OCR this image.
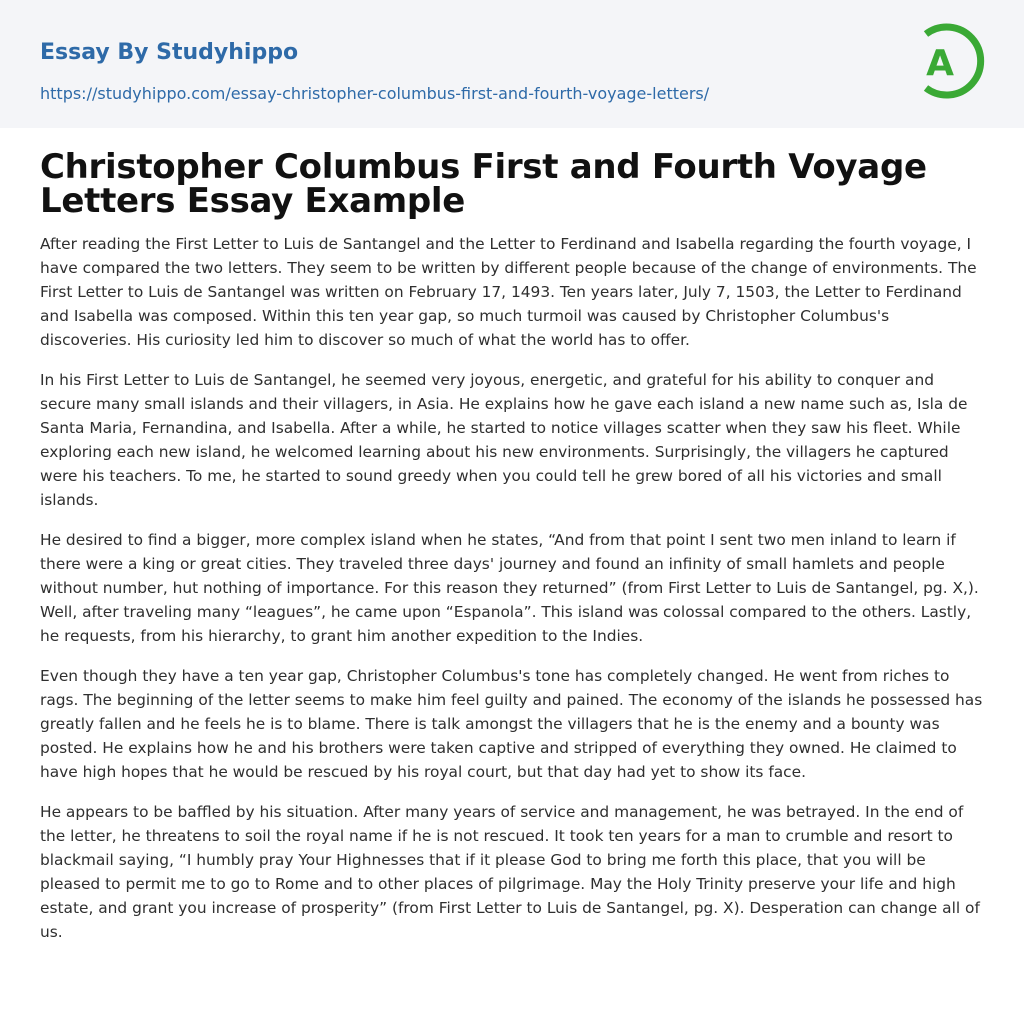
Essay By Studyhippo
https://studyhippo.com/essay-christopher-columbus-first-and-fourth-voyage-letters/
A
Christopher Columbus First and Fourth Voyage Letters Essay Example

After reading the First Letter to Luis de Santangel and the Letter to Ferdinand and Isabella regarding the fourth voyage, I have compared the two letters. They seem to be written by different people because of the change of environments. The First Letter to Luis de Santangel was written on February 17, 1493. Ten years later, July 7, 1503, the Letter to Ferdinand and Isabella was composed. Within this ten year gap, so much turmoil was caused by Christopher Columbus's discoveries. His curiosity led him to discover so much of what the world has to offer.

In his First Letter to Luis de Santangel, he seemed very joyous, energetic, and grateful for his ability to conquer and secure many small islands and their villagers, in Asia. He explains how he gave each island a new name such as, Isla de Santa Maria, Fernandina, and Isabella. After a while, he started to notice villages scatter when they saw his fleet. While exploring each new island, he welcomed learning about his new environments. Surprisingly, the villagers he captured were his teachers. To me, he started to sound greedy when you could tell he grew bored of all his victories and small islands.

He desired to find a bigger, more complex island when he states, “And from that point I sent two men inland to learn if there were a king or great cities. They traveled three days' journey and found an infinity of small hamlets and people without number, hut nothing of importance. For this reason they returned” (from First Letter to Luis de Santangel, pg. X,). Well, after traveling many “leagues”, he came upon “Espanola”. This island was colossal compared to the others. Lastly, he requests, from his hierarchy, to grant him another expedition to the Indies.

Even though they have a ten year gap, Christopher Columbus's tone has completely changed. He went from riches to rags. The beginning of the letter seems to make him feel guilty and pained. The economy of the islands he possessed has greatly fallen and he feels he is to blame. There is talk amongst the villagers that he is the enemy and a bounty was posted. He explains how he and his brothers were taken captive and stripped of everything they owned. He claimed to have high hopes that he would be rescued by his royal court, but that day had yet to show its face.

He appears to be baffled by his situation. After many years of service and management, he was betrayed. In the end of the letter, he threatens to soil the royal name if he is not rescued. It took ten years for a man to crumble and resort to blackmail saying, “I humbly pray Your Highnesses that if it please God to bring me forth this place, that you will be pleased to permit me to go to Rome and to other places of pilgrimage. May the Holy Trinity preserve your life and high estate, and grant you increase of prosperity” (from First Letter to Luis de Santangel, pg. X). Desperation can change all of us.
